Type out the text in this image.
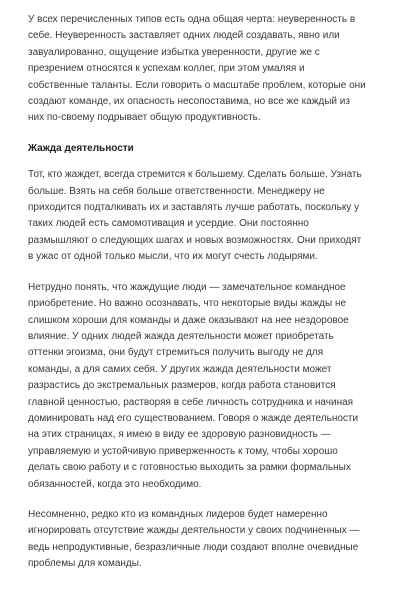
У всех перечисленных типов есть одна общая черта: неуверенность в
себе. Неуверенность заставляет одних людей создавать, явно или
завуалированно, ощущение избытка уверенности, другие же с
презрением относятся к успехам коллег, при этом умаляя и
собственные таланты. Если говорить о масштабе проблем, которые они
создают команде, их опасность несопоставима, но все же каждый из
них по-своему подрывает общую продуктивность.

Жажда деятельности

Тот, кто жаждет, всегда стремится к большему. Сделать больше. Узнать
больше. Взять на себя больше ответственности. Менеджеру не
приходится подталкивать их и заставлять лучше работать, поскольку у
таких людей есть самомотивация и усердие. Они постоянно
размышляют о следующих шагах и новых возможностях. Они приходят
в ужас от одной только мысли, что их могут счесть лодырями.

Нетрудно понять, что жаждущие люди — замечательное командное
приобретение. Но важно осознавать, что некоторые виды жажды не
слишком хороши для команды и даже оказывают на нее нездоровое
влияние. У одних людей жажда деятельности может приобретать
оттенки эгоизма, они будут стремиться получить выгоду не для
команды, а для самих себя. У других жажда деятельности может
разрастись до экстремальных размеров, когда работа становится
главной ценностью, растворяя в себе личность сотрудника и начиная
доминировать над его существованием. Говоря о жажде деятельности
на этих страницах, я имею в виду ее здоровую разновидность —
управляемую и устойчивую приверженность к тому, чтобы хорошо
делать свою работу и с готовностью выходить за рамки формальных
обязанностей, когда это необходимо.

Несомненно, редко кто из командных лидеров будет намеренно
игнорировать отсутствие жажды деятельности у своих подчиненных —
ведь непродуктивные, безразличные люди создают вполне очевидные
проблемы для команды.
